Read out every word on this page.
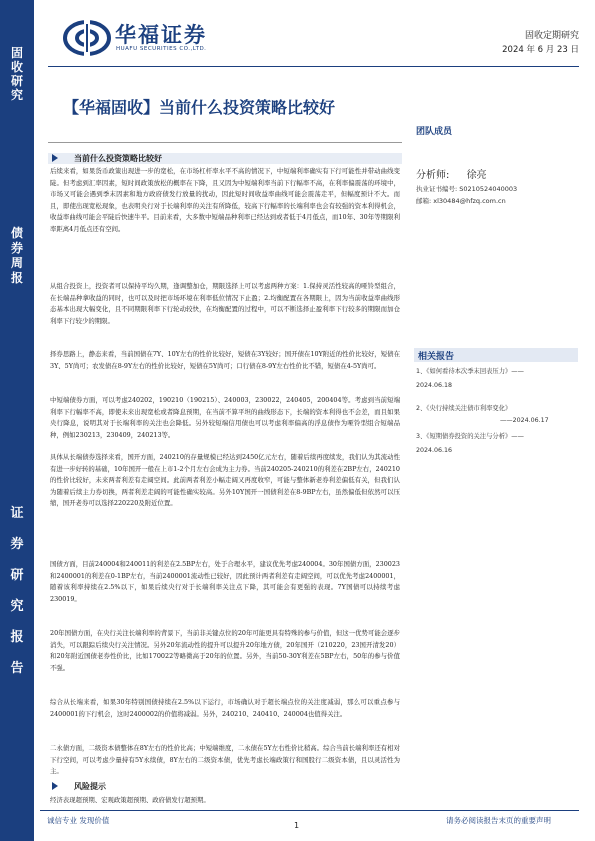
固
收
研
究
债
券
周
报
证
券
研
究
报
告
华福证券
HUAFU SECURITIES CO.,LTD.
固收定期研究
2024 年 6 月 23 日
【华福固收】当前什么投资策略比较好
团队成员
分析师: 徐亮
执业证书编号: S0210524040003
邮箱: xl30484@hfzq.com.cn
相关报告
1、《如何看待本次季末回表压力》——
2024.06.18
2、《央行持续关注债市利率变化》
——2024.06.17
3、《短期债券投资的关注与分析》——
2024.06.16
当前什么投资策略比较好
后续来看，如果货币政策出现进一步的宽松，在市场杠杆率水平不高的情况下，中短端利率确实有下行可能性并带动曲线变陡。但考虑到汇率因素，短时间政策放松的概率在下降，且又因为中短端利率当前下行幅率不高，在利率偏震荡的环境中，市场又可能会遇到季末因素和地方政府债发行放量的扰动，因此短时间收益率曲线可能会震荡走平，但幅度预计不大。而且，即使出现宽松现象，也表明央行对于长端利率的关注有所降低，较高下行幅率的长端利率也会有较强的资本利得机会，收益率曲线可能会平陡后快速牛平。目前来看，大多数中短端品种利率已经达到或者低于4月低点，而10年、30年等期限利率距离4月低点还有空间。
从组合投资上，投资者可以保持平均久期，逢调整加仓，期限选择上可以考虑两种方案：1.保持灵活性较高的哑铃型组合，在长端品种拿收益的同时，也可以及时把市场环境在利率低位情况下止盈；2.均衡配置在各期限上，因为当前收益率曲线形态基本出现大幅变化，且不同期限利率下行轮动较快，在均衡配置的过程中，可以不断选择止盈利率下行较多的期限而加仓利率下行较少的期限。
择券思路上，静态来看，当前国债在7Y、10Y左右的性价比较好，短债在3Y较好；国开债在10Y附近的性价比较好，短债在3Y、5Y尚可；农发债在8-9Y左右的性价比较好，短债在5Y尚可；口行债在8-9Y左右性价比不错，短债在4-5Y尚可。
中短端债券方面，可以考虑240202，190210（190215）、240003，230022，240405，200404等。考虑到当前短端利率下行幅率不高，即使未来出现宽松或者降息预期，在当前不算平坦的曲线形态下，长端的资本利得也不会差，而且如果央行降息，说明其对于长端利率的关注也会降低。另外较短端信用债也可以考虑利率偏高的浮息债作为哑铃型组合短端品种，例如230213，230409，240213等。
具体从长端债券选择来看，国开方面，240210的存量规模已经达到2450亿元左右，随着后续再度续发，我们认为其流动性有进一步好转的基础，10年国开一般在上市1-2个月左右会成为主力券。当前240205-240210的利差在2BP左右，240210的性价比较好，未来两者利差有走阔空间。此前两者利差小幅走阔又再度收窄，可能与整体新老券利差偏低有关，但我们认为随着后续主力券切换，两者利差走阔的可能性确实较高。另外10Y国开一国债利差在8-9BP左右，虽然偏低但依然可以压缩，国开老券可以选择220220及附近位置。
国债方面，目前240004和240011的利差在2.5BP左右，处于合理水平，建议优先考虑240004。30年国债方面，230023和2400001的利差在0-1BP左右，当前2400001流动性已较好，因此预计两者利差有走阔空间，可以优先考虑2400001，随着该利率持续在2.5%以下，如果后续央行对于长端利率关注点下降，其可能会有更强的表现。7Y国债可以持续考虑230019。
20年国债方面，在央行关注长端利率的背景下，当前非关键点位的20年可能更具有特殊的参与价值，但这一优势可能会逐步消失，可以跟踪后续央行关注情况。另外20年流动性的提升可以提升20年地方债，20年国开（210220，23国开清发20）和20年附近国债老券性价比，比如170022等略微高于20年的位置。另外，当前50-30Y利差在5BP左右，50年的参与价值不强。
综合从长端来看，如果30年特别国债持续在2.5%以下运行，市场确认对于超长端点位的关注度减弱，那么可以重点参与2400001的下行机会，这时2400002的价值将减弱。另外，240210、240410、240004也值得关注。
二永债方面，二级资本债整体在8Y左右的性价比高；中短端维度，二永债在5Y左右性价比稍高。综合当前长端利率还有相对下行空间，可以考虑少量持有5Y永续债，8Y左右的二级资本债，优先考虑长端政策行和国股行二级资本债，且以灵活性为主。
风险提示
经济表现超预期、宏观政策超预期、政府债发行超预期。
诚信专业 发现价值
1
请务必阅读报告末页的重要声明
